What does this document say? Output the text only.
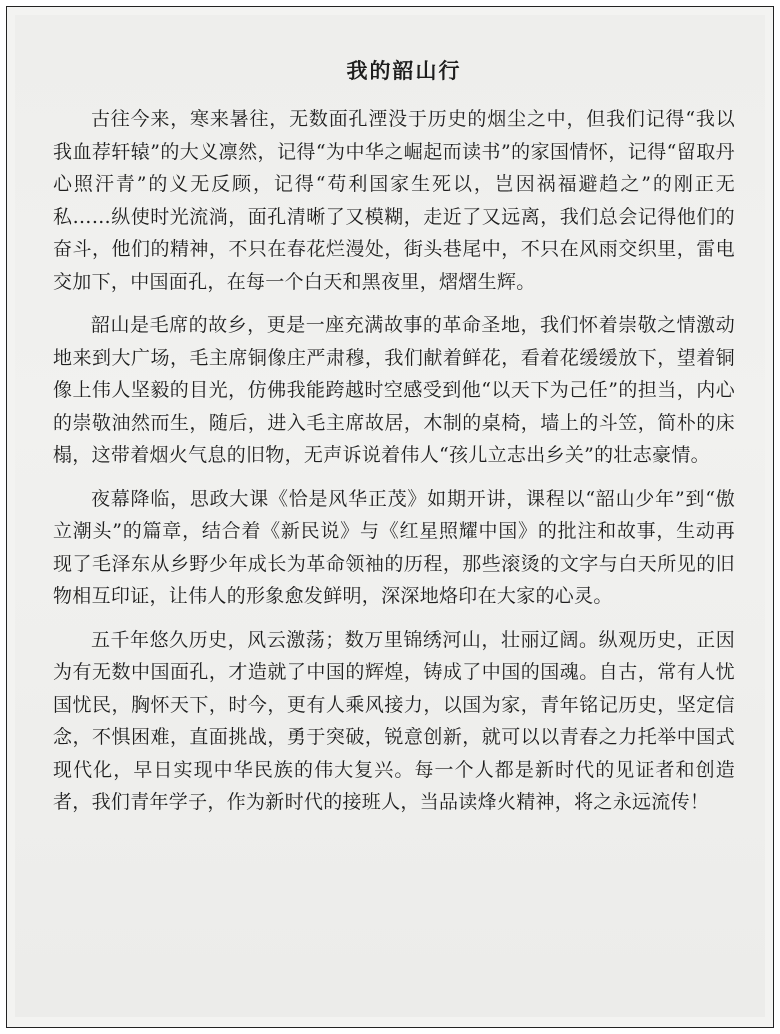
我的韶山行

古往今来，寒来暑往，无数面孔湮没于历史的烟尘之中，但我们记得“我以我血荐轩辕”的大义凛然，记得“为中华之崛起而读书”的家国情怀，记得“留取丹心照汗青”的义无反顾，记得“苟利国家生死以，岂因祸福避趋之”的刚正无私……纵使时光流淌，面孔清晰了又模糊，走近了又远离，我们总会记得他们的奋斗，他们的精神，不只在春花烂漫处，街头巷尾中，不只在风雨交织里，雷电交加下，中国面孔，在每一个白天和黑夜里，熠熠生辉。

韶山是毛席的故乡，更是一座充满故事的革命圣地，我们怀着崇敬之情激动地来到大广场，毛主席铜像庄严肃穆，我们献着鲜花，看着花缓缓放下，望着铜像上伟人坚毅的目光，仿佛我能跨越时空感受到他“以天下为己任”的担当，内心的崇敬油然而生，随后，进入毛主席故居，木制的桌椅，墙上的斗笠，简朴的床榻，这带着烟火气息的旧物，无声诉说着伟人“孩儿立志出乡关”的壮志豪情。

夜幕降临，思政大课《恰是风华正茂》如期开讲，课程以“韶山少年”到“傲立潮头”的篇章，结合着《新民说》与《红星照耀中国》的批注和故事，生动再现了毛泽东从乡野少年成长为革命领袖的历程，那些滚烫的文字与白天所见的旧物相互印证，让伟人的形象愈发鲜明，深深地烙印在大家的心灵。

五千年悠久历史，风云激荡；数万里锦绣河山，壮丽辽阔。纵观历史，正因为有无数中国面孔，才造就了中国的辉煌，铸成了中国的国魂。自古，常有人忧国忧民，胸怀天下，时今，更有人乘风接力，以国为家，青年铭记历史，坚定信念，不惧困难，直面挑战，勇于突破，锐意创新，就可以以青春之力托举中国式现代化，早日实现中华民族的伟大复兴。每一个人都是新时代的见证者和创造者，我们青年学子，作为新时代的接班人，当品读烽火精神，将之永远流传！
